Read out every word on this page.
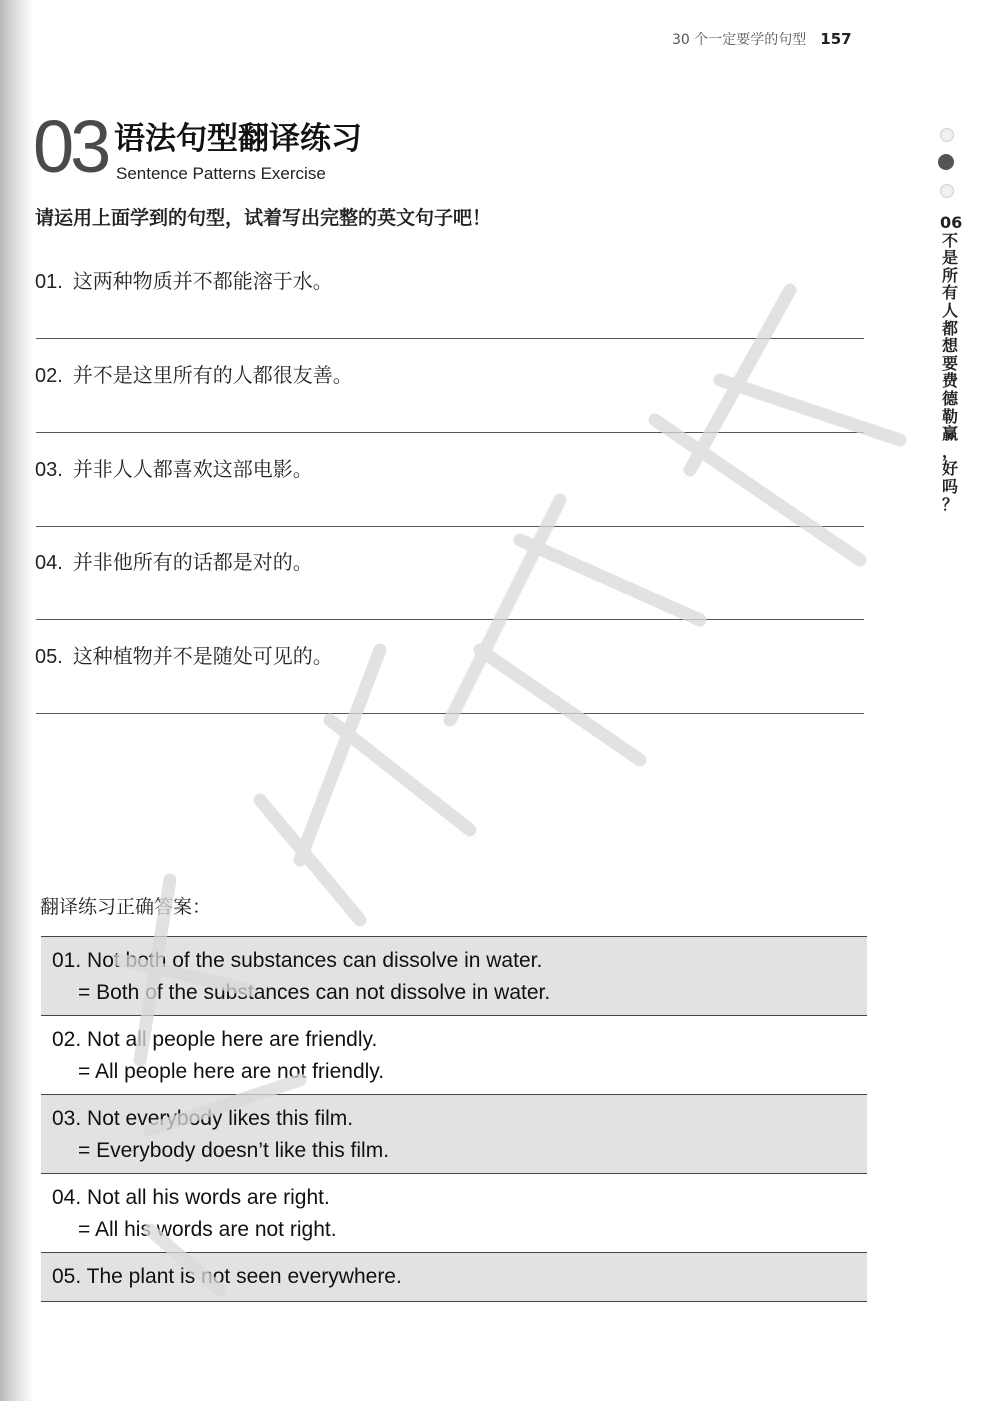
30 个一定要学的句型 157
03 语法句型翻译练习
Sentence Patterns Exercise
请运用上面学到的句型，试着写出完整的英文句子吧！
01. 这两种物质并不都能溶于水。
02. 并不是这里所有的人都很友善。
03. 并非人人都喜欢这部电影。
04. 并非他所有的话都是对的。
05. 这种植物并不是随处可见的。
06
不
是
所
有
人
都
想
要
费
德
勒
赢
，
好
吗
？
翻译练习正确答案：
01. Not both of the substances can dissolve in water.
= Both of the substances can not dissolve in water.
02. Not all people here are friendly.
= All people here are not friendly.
03. Not everybody likes this film.
= Everybody doesn’t like this film.
04. Not all his words are right.
= All his words are not right.
05. The plant is not seen everywhere.
